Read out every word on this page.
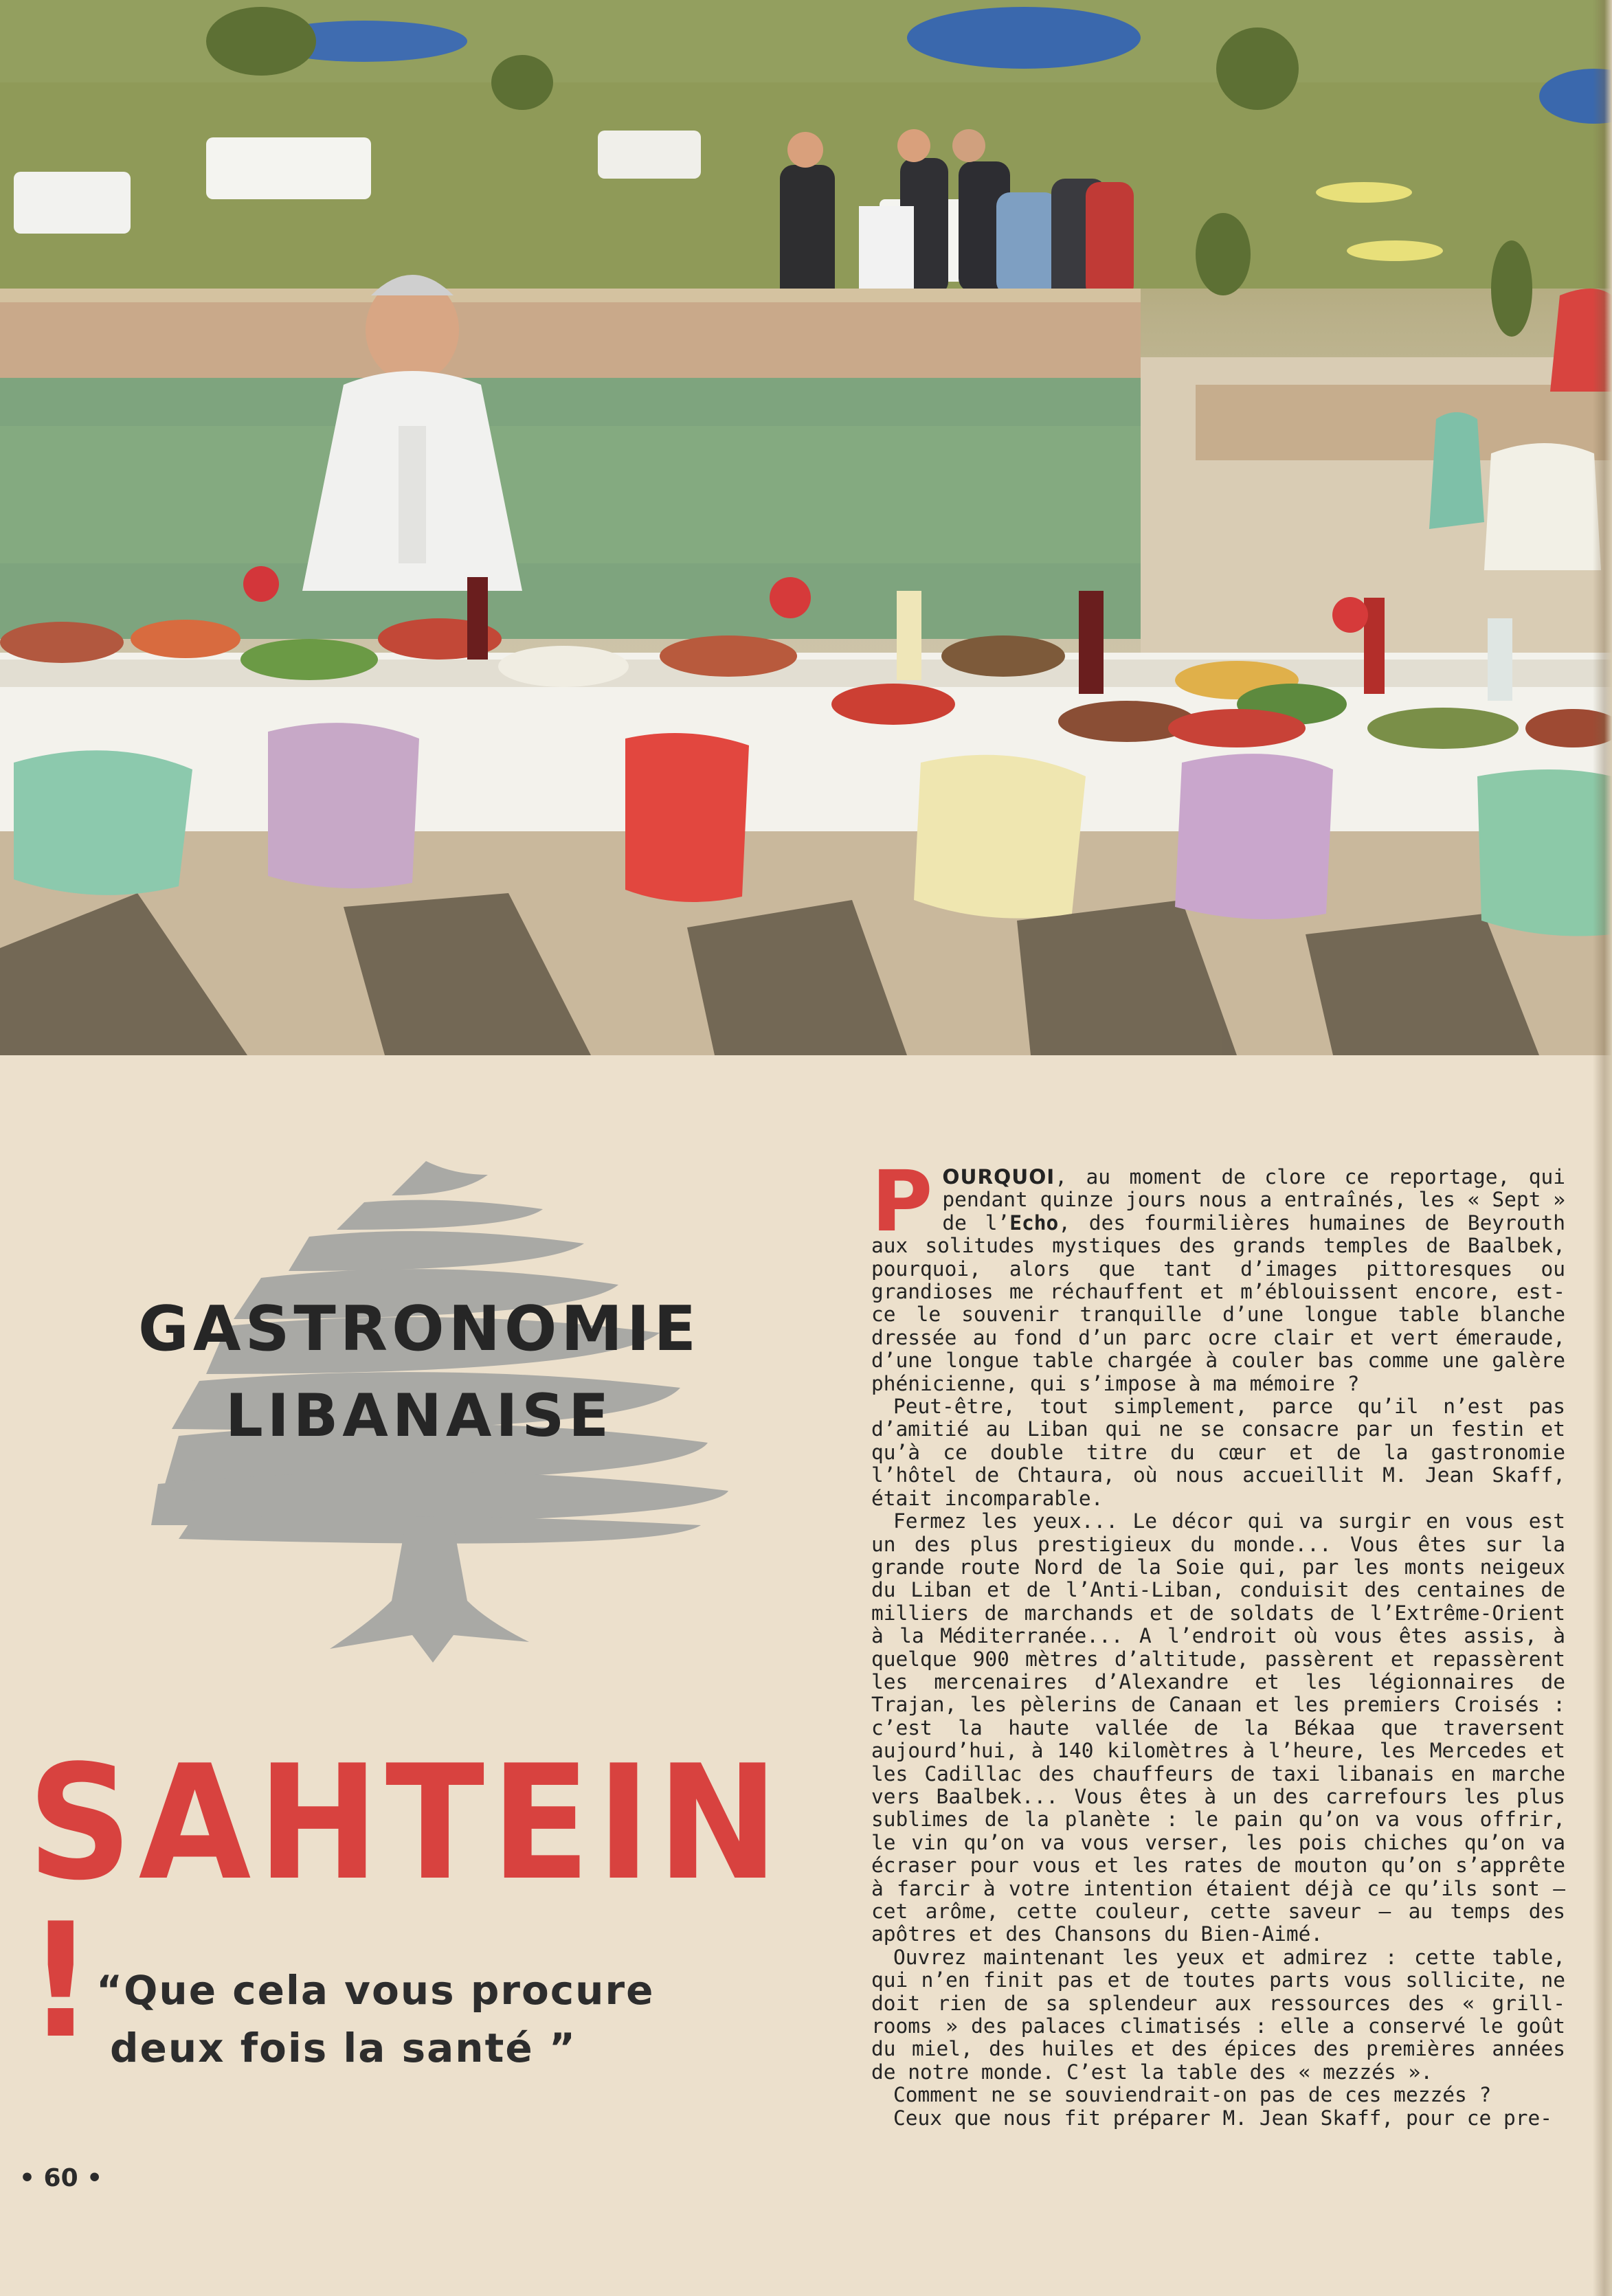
GASTRONOMIE
LIBANAISE
SAHTEIN !
“Que cela vous procure
deux fois la santé ”
• 60 •

POURQUOI, au moment de clore ce reportage, qui pendant quinze jours nous a entraînés, les « Sept » de l’Echo, des fourmilières humaines de Beyrouth aux solitudes mystiques des grands temples de Baalbek, pourquoi, alors que tant d’images pittoresques ou grandioses me réchauffent et m’éblouissent encore, est-ce le souvenir tranquille d’une longue table blanche dressée au fond d’un parc ocre clair et vert émeraude, d’une longue table chargée à couler bas comme une galère phénicienne, qui s’impose à ma mémoire ?

Peut-être, tout simplement, parce qu’il n’est pas d’amitié au Liban qui ne se consacre par un festin et qu’à ce double titre du cœur et de la gastronomie l’hôtel de Chtaura, où nous accueillit M. Jean Skaff, était incomparable.

Fermez les yeux... Le décor qui va surgir en vous est un des plus prestigieux du monde... Vous êtes sur la grande route Nord de la Soie qui, par les monts neigeux du Liban et de l’Anti-Liban, conduisit des centaines de milliers de marchands et de soldats de l’Extrême-Orient à la Méditerranée... A l’endroit où vous êtes assis, à quelque 900 mètres d’altitude, passèrent et repassèrent les mercenaires d’Alexandre et les légionnaires de Trajan, les pèlerins de Canaan et les premiers Croisés : c’est la haute vallée de la Békaa que traversent aujourd’hui, à 140 kilomètres à l’heure, les Mercedes et les Cadillac des chauffeurs de taxi libanais en marche vers Baalbek... Vous êtes à un des carrefours les plus sublimes de la planète : le pain qu’on va vous offrir, le vin qu’on va vous verser, les pois chiches qu’on va écraser pour vous et les rates de mouton qu’on s’apprête à farcir à votre intention étaient déjà ce qu’ils sont — cet arôme, cette couleur, cette saveur — au temps des apôtres et des Chansons du Bien-Aimé.

Ouvrez maintenant les yeux et admirez : cette table, qui n’en finit pas et de toutes parts vous sollicite, ne doit rien de sa splendeur aux ressources des « grill-rooms » des palaces climatisés : elle a conservé le goût du miel, des huiles et des épices des premières années de notre monde. C’est la table des « mezzés ».

Comment ne se souviendrait-on pas de ces mezzés ?

Ceux que nous fit préparer M. Jean Skaff, pour ce pre-
